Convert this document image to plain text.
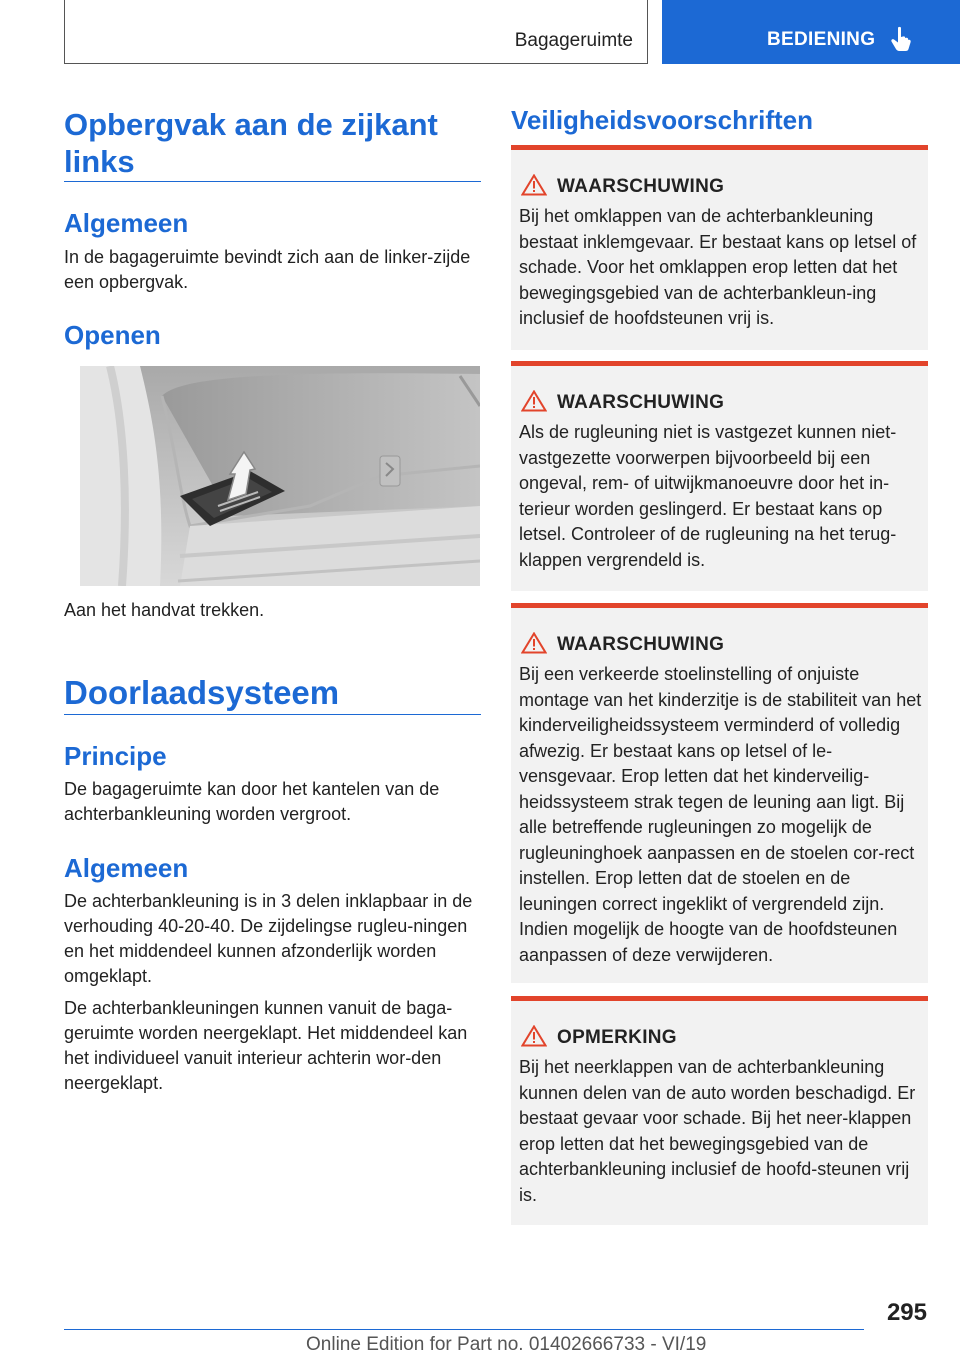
Bagageruimte	BEDIENING
Opbergvak aan de zijkant links
Algemeen

In de bagageruimte bevindt zich aan de linker-zijde een opbergvak.

Openen

Aan het handvat trekken.

Doorlaadsysteem
Principe

De bagageruimte kan door het kantelen van de achterbankleuning worden vergroot.

Algemeen

De achterbankleuning is in 3 delen inklapbaar in de verhouding 40-20-40. De zijdelingse rugleu-ningen en het middendeel kunnen afzonderlijk worden omgeklapt.

De achterbankleuningen kunnen vanuit de baga-geruimte worden neergeklapt. Het middendeel kan het individueel vanuit interieur achterin wor-den neergeklapt.

Veiligheidsvoorschriften
WAARSCHUWING
Bij het omklappen van de achterbankleuning bestaat inklemgevaar. Er bestaat kans op letsel of schade. Voor het omklappen erop letten dat het bewegingsgebied van de achterbankleun-ing inclusief de hoofdsteunen vrij is.
WAARSCHUWING
Als de rugleuning niet is vastgezet kunnen niet-vastgezette voorwerpen bijvoorbeeld bij een ongeval, rem- of uitwijkmanoeuvre door het in-terieur worden geslingerd. Er bestaat kans op letsel. Controleer of de rugleuning na het terug-klappen vergrendeld is.
WAARSCHUWING
Bij een verkeerde stoelinstelling of onjuiste montage van het kinderzitje is de stabiliteit van het kinderveiligheidssysteem verminderd of volledig afwezig. Er bestaat kans op letsel of le-vensgevaar. Erop letten dat het kinderveilig-heidssysteem strak tegen de leuning aan ligt. Bij alle betreffende rugleuningen zo mogelijk de rugleuninghoek aanpassen en de stoelen cor-rect instellen. Erop letten dat de stoelen en de leuningen correct ingeklikt of vergrendeld zijn. Indien mogelijk de hoogte van de hoofdsteunen aanpassen of deze verwijderen.
OPMERKING
Bij het neerklappen van de achterbankleuning kunnen delen van de auto worden beschadigd. Er bestaat gevaar voor schade. Bij het neer-klappen erop letten dat het bewegingsgebied van de achterbankleuning inclusief de hoofd-steunen vrij is.
295
Online Edition for Part no. 01402666733 - VI/19
